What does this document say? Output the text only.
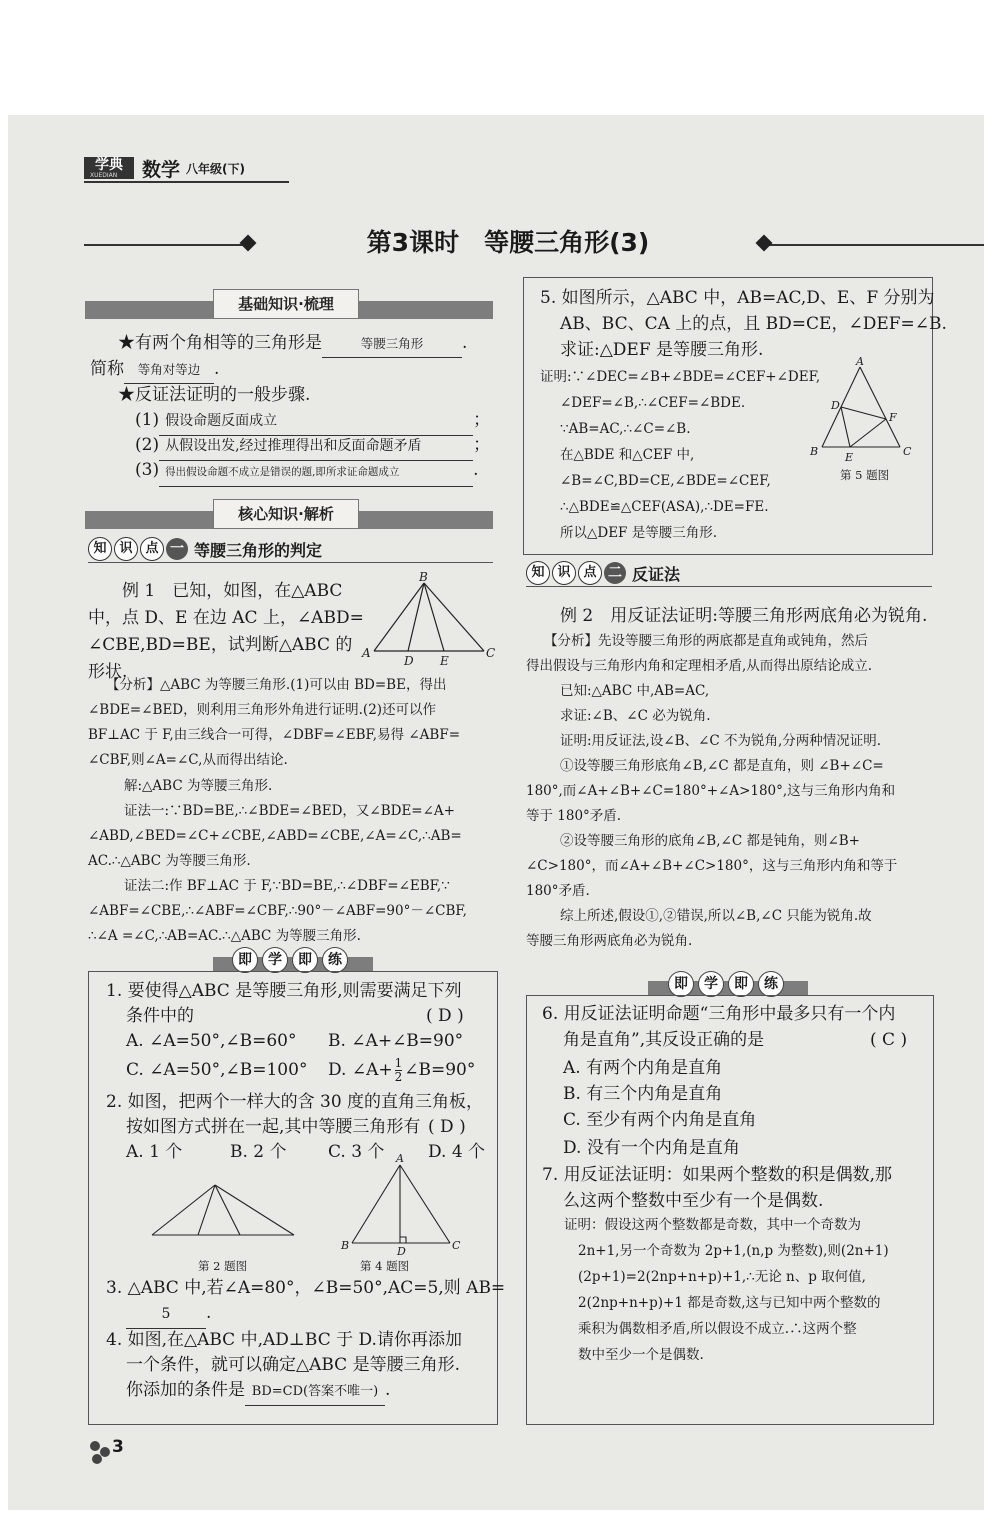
学典
XUEDIAN 数学 八年级(下)
第3课时　等腰三角形(3)
基础知识·梳理
★有两个角相等的三角形是	等腰三角形 .
简称 等角对等边 .
★反证法证明的一般步骤.
(1) 假设命题反面成立	；
(2) 从假设出发,经过推理得出和反面命题矛盾	；
(3) 得出假设命题不成立是错误的题,即所求证命题成立	.
核心知识·解析
知 识 点 一 等腰三角形的判定
例 1　已知，如图，在△ABC
中，点 D、E 在边 AC 上，∠ABD=
∠CBE,BD=BE，试判断△ABC 的
形状.
B
A
D E
C
【分析】△ABC 为等腰三角形.(1)可以由 BD=BE，得出
∠BDE=∠BED，则利用三角形外角进行证明.(2)还可以作
BF⊥AC 于 F,由三线合一可得，∠DBF=∠EBF,易得 ∠ABF=
∠CBF,则∠A=∠C,从而得出结论.
解:△ABC 为等腰三角形.
证法一:∵BD=BE,∴∠BDE=∠BED，又∠BDE=∠A+
∠ABD,∠BED=∠C+∠CBE,∠ABD=∠CBE,∠A=∠C,∴AB=
AC.∴△ABC 为等腰三角形.
证法二:作 BF⊥AC 于 F,∵BD=BE,∴∠DBF=∠EBF,∵
∠ABF=∠CBE,∴∠ABF=∠CBF,∴90°－∠ABF=90°－∠CBF,
∴∠A =∠C,∴AB=AC.∴△ABC 为等腰三角形.
即	学	即	练
1. 要使得△ABC 是等腰三角形,则需要满足下列
条件中的	( D )
A. ∠A=50°,∠B=60° B. ∠A+∠B=90°
C. ∠A=50°,∠B=100° D. ∠A+ $\frac{1}{2}$ ∠B=90°
2. 如图，把两个一样大的含 30 度的直角三角板，
按如图方式拼在一起,其中等腰三角形有 ( D )
A. 1 个	B. 2 个 C. 3 个	D. 4 个
第 2 题图
A
B	D	C
第 4 题图
3. △ABC 中,若∠A=80°，∠B=50°,AC=5,则 AB=
5 .
4. 如图,在△ABC 中,AD⊥BC 于 D.请你再添加
一个条件，就可以确定△ABC 是等腰三角形.
你添加的条件是 BD=CD(答案不唯一) .
5. 如图所示，△ABC 中，AB=AC,D、E、F 分别为
AB、BC、CA 上的点，且 BD=CE，∠DEF=∠B.
求证:△DEF 是等腰三角形.
证明:∵∠DEC=∠B+∠BDE=∠CEF+∠DEF,
∠DEF=∠B,∴∠CEF=∠BDE.
∵AB=AC,∴∠C=∠B.
在△BDE 和△CEF 中,
∠B=∠C,BD=CE,∠BDE=∠CEF,
∴△BDE≌△CEF(ASA),∴DE=FE.
所以△DEF 是等腰三角形.
A
D
F
B E	C
第 5 题图
知 识 点 二 反证法
例 2　用反证法证明:等腰三角形两底角必为锐角.
【分析】先设等腰三角形的两底都是直角或钝角，然后
得出假设与三角形内角和定理相矛盾,从而得出原结论成立.
已知:△ABC 中,AB=AC,
求证:∠B、∠C 必为锐角.
证明:用反证法,设∠B、∠C 不为锐角,分两种情况证明.
①设等腰三角形底角∠B,∠C 都是直角，则 ∠B+∠C=
180°,而∠A+∠B+∠C=180°+∠A>180°,这与三角形内角和
等于 180°矛盾.
②设等腰三角形的底角∠B,∠C 都是钝角，则∠B+
∠C>180°，而∠A+∠B+∠C>180°，这与三角形内角和等于
180°矛盾.
综上所述,假设①,②错误,所以∠B,∠C 只能为锐角.故
等腰三角形两底角必为锐角.
即	学	即	练
6. 用反证法证明命题“三角形中最多只有一个内
角是直角”,其反设正确的是	( C )
A. 有两个内角是直角
B. 有三个内角是直角
C. 至少有两个内角是直角
D. 没有一个内角是直角
7. 用反证法证明：如果两个整数的积是偶数,那
么这两个整数中至少有一个是偶数.
证明：假设这两个整数都是奇数，其中一个奇数为
2n+1,另一个奇数为 2p+1,(n,p 为整数),则(2n+1)
(2p+1)=2(2np+n+p)+1,∴无论 n、p 取何值,
2(2np+n+p)+1 都是奇数,这与已知中两个整数的
乘积为偶数相矛盾,所以假设不成立.∴这两个整
数中至少一个是偶数.
3
